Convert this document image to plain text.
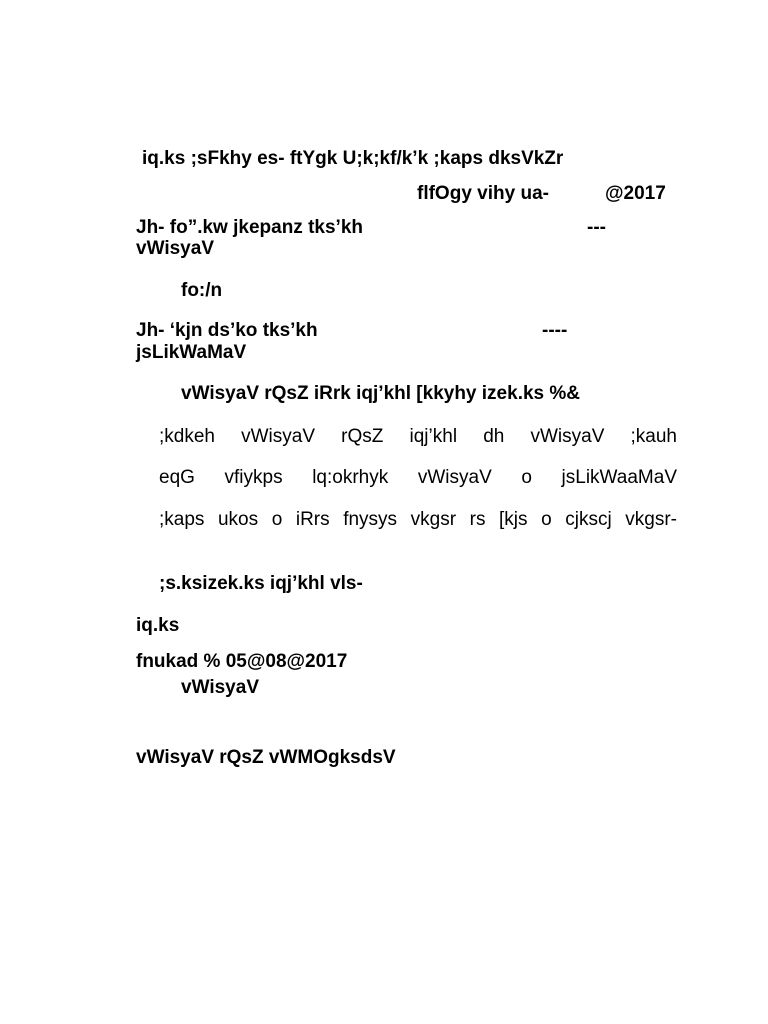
iq.ks ;sFkhy es- ftYgk U;k;kf/k’k ;kaps dksVkZr
flfOgy vihy ua-	@2017
Jh- fo”.kw jkepanz tks’kh	---
vWisyaV
fo:/n
Jh- ‘kjn ds’ko tks’kh	----
jsLikWaMaV
vWisyaV rQsZ iRrk iqj’khl [kkyhy izek.ks %&
;kdkeh vWisyaV rQsZ iqj’khl dh vWisyaV ;kauh
eqG vfiykps lq:okrhyk vWisyaV o jsLikWaaMaV
;kaps ukos o iRrs fnysys vkgsr rs [kjs o cjkscj vkgsr-
;s.ksizek.ks iqj’khl vls-
iq.ks
fnukad % 05@08@2017
vWisyaV
vWisyaV rQsZ vWMOgksdsV
